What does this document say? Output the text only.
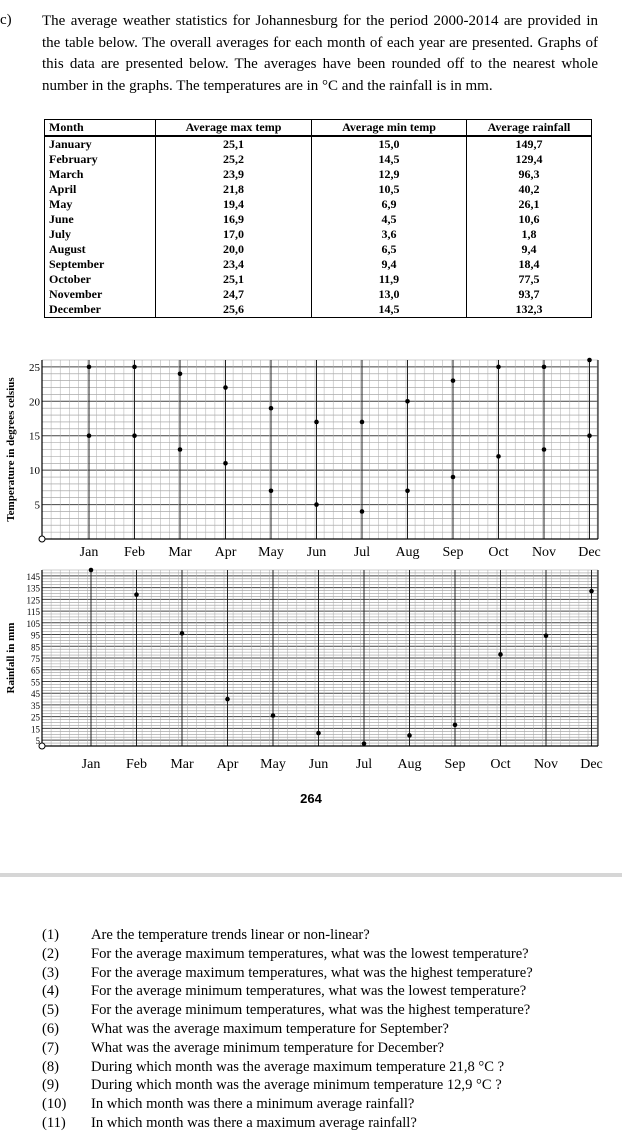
c) The average weather statistics for Johannesburg for the period 2000-2014 are provided in the table below. The overall averages for each month of each year are presented. Graphs of this data are presented below. The averages have been rounded off to the nearest whole number in the graphs. The temperatures are in °C and the rainfall is in mm.

Month	Average max temp	Average min temp	Average rainfall
January	25,1	15,0	149,7
February	25,2	14,5	129,4
March	23,9	12,9	96,3
April	21,8	10,5	40,2
May	19,4	6,9	26,1
June	16,9	4,5	10,6
July	17,0	3,6	1,8
August	20,0	6,5	9,4
September	23,4	9,4	18,4
October	25,1	11,9	77,5
November	24,7	13,0	93,7
December	25,6	14,5	132,3
5
10
15
20
25
Temperature in degrees celsius
Jan Feb Mar Apr May Jun Jul Aug Sep Oct Nov Dec
5
15
25
35
45
55
65
75
85
95
105
115
125
135
145
Rainfall in mm
Jan Feb Mar Apr May Jun Jul Aug Sep Oct Nov Dec
264
(1)	Are the temperature trends linear or non-linear?
(2)	For the average maximum temperatures, what was the lowest temperature?
(3)	For the average maximum temperatures, what was the highest temperature?
(4)	For the average minimum temperatures, what was the lowest temperature?
(5)	For the average minimum temperatures, what was the highest temperature?
(6)	What was the average maximum temperature for September?
(7)	What was the average minimum temperature for December?
(8)	During which month was the average maximum temperature 21,8 °C ?
(9)	During which month was the average minimum temperature 12,9 °C ?
(10)	In which month was there a minimum average rainfall?
(11)	In which month was there a maximum average rainfall?
